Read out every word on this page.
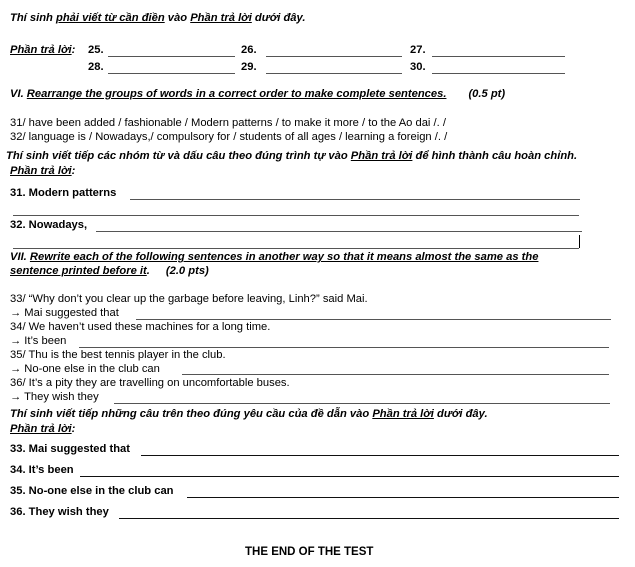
Thí sinh phải viết từ cần điền vào Phần trả lời dưới đây.
Phần trả lời: 25.	26.	27.
28.	29.	30.
VI. Rearrange the groups of words in a correct order to make complete sentences. (0.5 pt)
31/ have been added / fashionable / Modern patterns / to make it more / to the Ao dai /. /
32/ language is / Nowadays,/ compulsory for / students of all ages / learning a foreign /. /
Thí sinh viết tiếp các nhóm từ và dấu câu theo đúng trình tự vào Phần trả lời để hình thành câu hoàn chỉnh.
Phần trả lời:
31. Modern patterns
32. Nowadays,
VII. Rewrite each of the following sentences in another way so that it means almost the same as the
sentence printed before it. (2.0 pts)
33/ “Why don’t you clear up the garbage before leaving, Linh?” said Mai.
→ Mai suggested that
34/ We haven’t used these machines for a long time.
→ It’s been
35/ Thu is the best tennis player in the club.
→ No-one else in the club can
36/ It’s a pity they are travelling on uncomfortable buses.
→ They wish they
Thí sinh viết tiếp những câu trên theo đúng yêu cầu của đề dẫn vào Phần trả lời dưới đây.
Phần trả lời:
33. Mai suggested that
34. It’s been
35. No-one else in the club can
36. They wish they
THE END OF THE TEST
